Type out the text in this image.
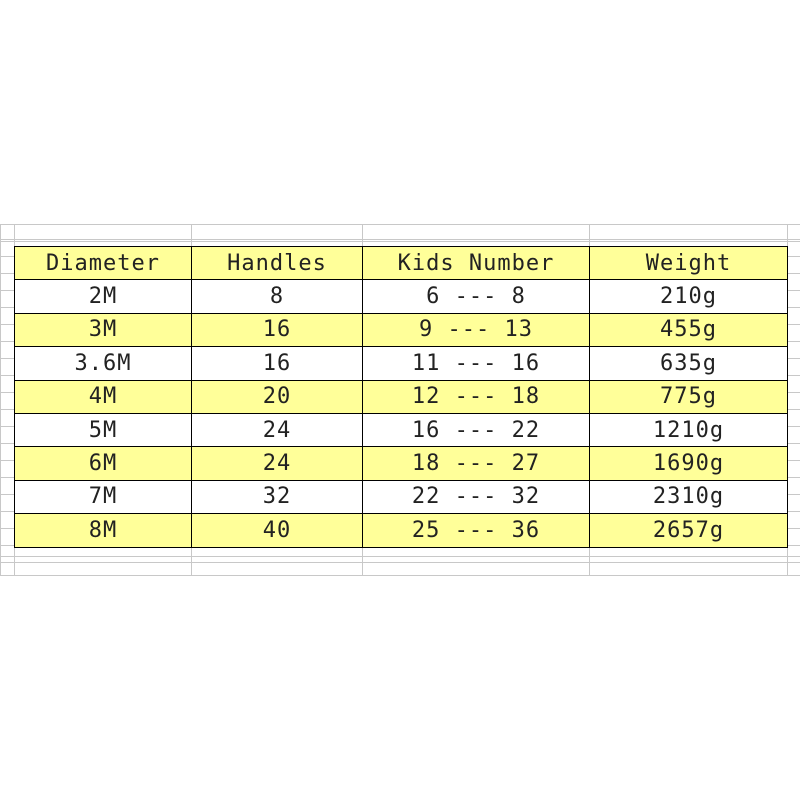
Diameter	Handles	Kids Number	Weight
2M	8	6 --- 8	210g
3M	16	9 --- 13	455g
3.6M	16	11 --- 16	635g
4M	20	12 --- 18	775g
5M	24	16 --- 22	1210g
6M	24	18 --- 27	1690g
7M	32	22 --- 32	2310g
8M	40	25 --- 36	2657g
